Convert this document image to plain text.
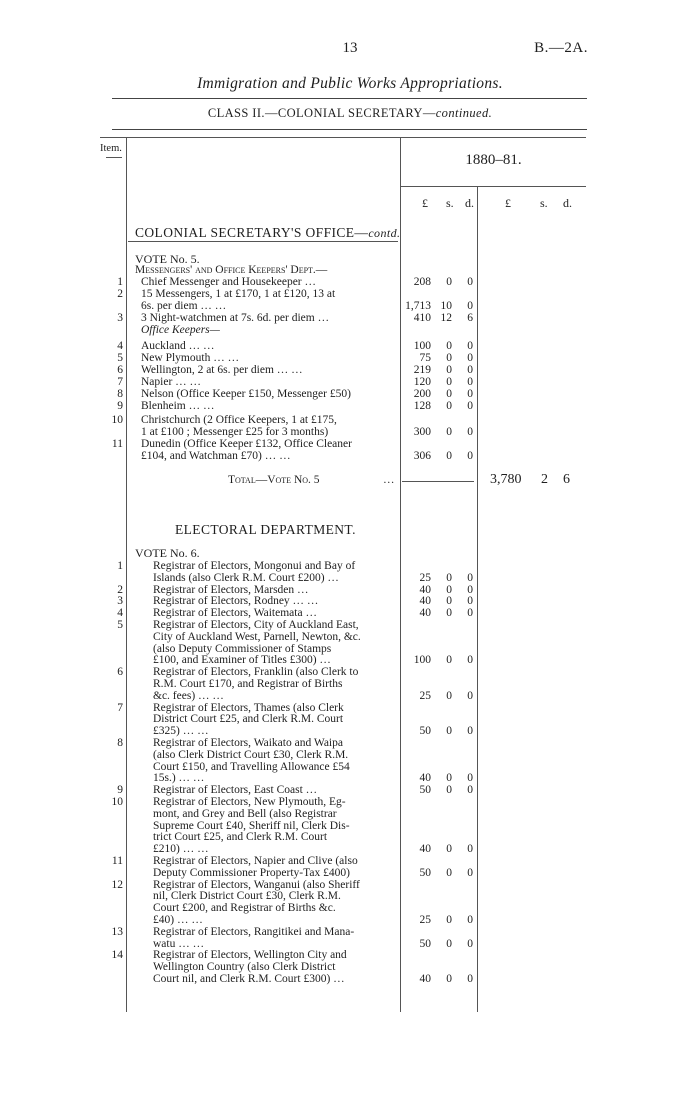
13	B.—2A.
Immigration and Public Works Appropriations.
CLASS II.—COLONIAL SECRETARY—continued.
Item.
1880–81.
£ s. d.	£ s. d.
COLONIAL SECRETARY'S OFFICE—contd.
VOTE No. 5.
Messengers' and Office Keepers' Dept.—
1 Chief Messenger and Housekeeper …	208	0	0
2 15 Messengers, 1 at £170, 1 at £120, 13 at
6s. per diem … …	1,713 10	0
3 3 Night-watchmen at 7s. 6d. per diem …	410 12	6
Office Keepers—
4 Auckland … …	100	0	0
5 New Plymouth … …	75	0	0
6 Wellington, 2 at 6s. per diem … …	219	0	0
7 Napier … …	120	0	0
8 Nelson (Office Keeper £150, Messenger £50)	200	0	0
9 Blenheim … …	128	0	0
10 Christchurch (2 Office Keepers, 1 at £175,
1 at £100 ; Messenger £25 for 3 months)	300	0	0
11 Dunedin (Office Keeper £132, Office Cleaner
£104, and Watchman £70) … …	306	0	0
Total—Vote No. 5	…	3,780 2 6
ELECTORAL DEPARTMENT.
VOTE No. 6.
1	Registrar of Electors, Mongonui and Bay of
Islands (also Clerk R.M. Court £200) …	25	0	0
2	Registrar of Electors, Marsden …	40	0	0
3	Registrar of Electors, Rodney … …	40	0	0
4	Registrar of Electors, Waitemata …	40	0	0
5	Registrar of Electors, City of Auckland East,
City of Auckland West, Parnell, Newton, &c.
(also Deputy Commissioner of Stamps
£100, and Examiner of Titles £300) …	100	0	0
6	Registrar of Electors, Franklin (also Clerk to
R.M. Court £170, and Registrar of Births
&c. fees) … …	25	0	0
7	Registrar of Electors, Thames (also Clerk
District Court £25, and Clerk R.M. Court
£325) … …	50	0	0
8	Registrar of Electors, Waikato and Waipa
(also Clerk District Court £30, Clerk R.M.
Court £150, and Travelling Allowance £54
15s.) … …	40	0	0
9	Registrar of Electors, East Coast …	50	0	0
10	Registrar of Electors, New Plymouth, Eg-
mont, and Grey and Bell (also Registrar
Supreme Court £40, Sheriff nil, Clerk Dis-
trict Court £25, and Clerk R.M. Court
£210) … …	40	0	0
11	Registrar of Electors, Napier and Clive (also
Deputy Commissioner Property-Tax £400)	50	0	0
12	Registrar of Electors, Wanganui (also Sheriff
nil, Clerk District Court £30, Clerk R.M.
Court £200, and Registrar of Births &c.
£40) … …	25	0	0
13	Registrar of Electors, Rangitikei and Mana-
watu … …	50	0	0
14	Registrar of Electors, Wellington City and
Wellington Country (also Clerk District
Court nil, and Clerk R.M. Court £300) …	40	0	0
